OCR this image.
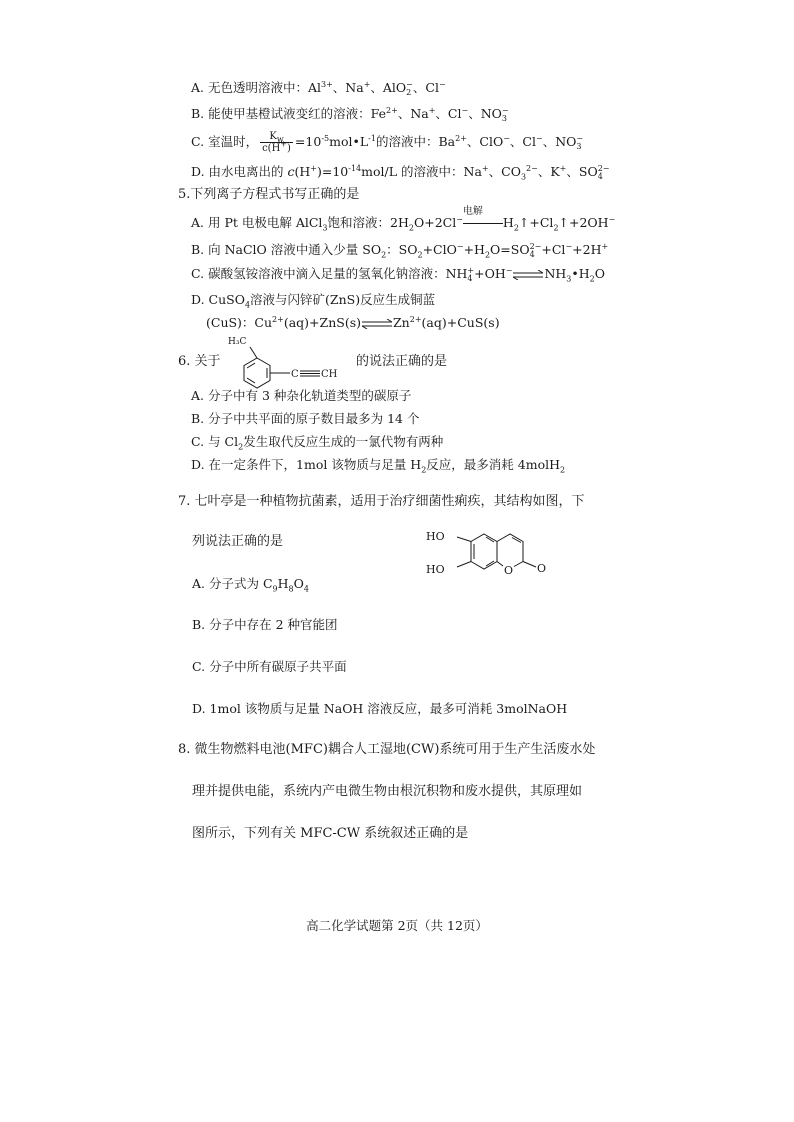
A. 无色透明溶液中：$Al^{3+}$、Na+、AlO −
2 、Cl−
B. 能使甲基橙试液变红的溶液：$Fe^{2+}$、Na+、Cl−、NO −
3
C. 室温时， $\frac{K_w}{c(H^+)}$ $=10^{-5}mol•L^{-1}$的溶液中：$Ba^{2+}$、ClO−、Cl−、NO −
3
D. 由水电离出的 $c(H^+)=10^{-14}mol/L$ 的溶液中：Na+、$CO_3^{2-}$、K+、SO 2−
4
5.下列离子方程式书写正确的是
A. 用 Pt 电极电解 AlCl$_3$饱和溶液：$2H_2O+2Cl^-$
电解
$H_2↑+Cl_2↑+2OH^-$
B. 向 NaClO 溶液中通入少量 $SO_2$：$SO_2+ClO^-+H_2O=SO$ 2−
4 +Cl−+2H+
C. 碳酸氢铵溶液中滴入足量的氢氧化钠溶液：NH +
$4 +OH^-\rightleftharpoons NH_3•H_2O$
D. CuSO$_4$溶液与闪锌矿(ZnS)反应生成铜蓝
(CuS)：$Cu^{2+}(aq)+ZnS(s)\rightleftharpoons Zn^{2+}(aq)+CuS(s)$
6. 关于
H₃C
C CH
的说法正确的是
A. 分子中有 3 种杂化轨道类型的碳原子
B. 分子中共平面的原子数目最多为 14 个
C. 与 $Cl_2$发生取代反应生成的一氯代物有两种
D. 在一定条件下，1mol 该物质与足量 $H_2$反应，最多消耗 4molH$_2$
7. 七叶亭是一种植物抗菌素，适用于治疗细菌性痢疾，其结构如图，下
列说法正确的是	HO
HO	O O
A. 分子式为 $C_9H_8O_4$
B. 分子中存在 2 种官能团
C. 分子中所有碳原子共平面
D. 1mol 该物质与足量 NaOH 溶液反应，最多可消耗 3molNaOH
8. 微生物燃料电池(MFC)耦合人工湿地(CW)系统可用于生产生活废水处
理并提供电能，系统内产电微生物由根沉积物和废水提供，其原理如
图所示，下列有关 MFC-CW 系统叙述正确的是
高二化学试题第 2页（共 12页）
